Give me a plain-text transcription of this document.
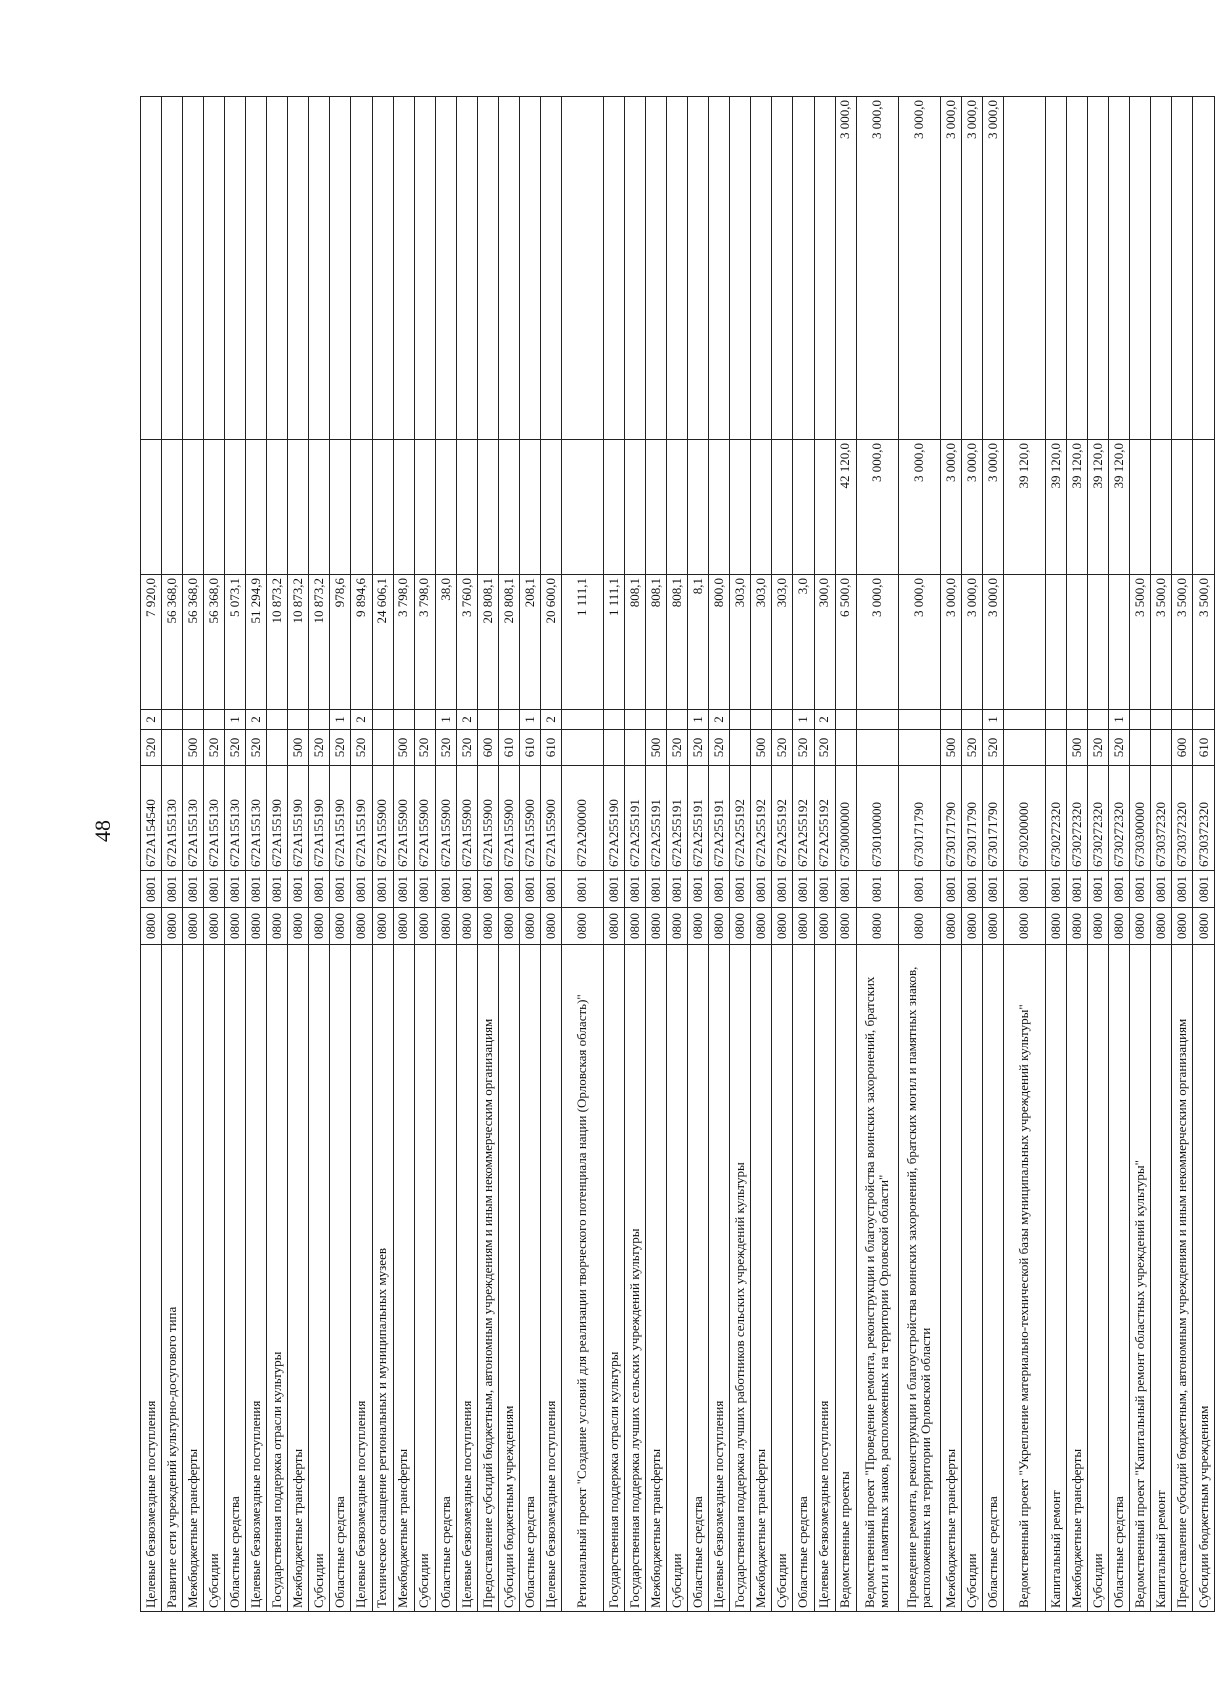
48
Целевые безвозмездные поступления	0800	0801	672A154540	520	2	7 920,0		
Развитие сети учреждений культурно-досугового типа	0800	0801	672A155130			56 368,0		
Межбюджетные трансферты	0800	0801	672A155130	500		56 368,0		
Субсидии	0800	0801	672A155130	520		56 368,0		
Областные средства	0800	0801	672A155130	520	1	5 073,1		
Целевые безвозмездные поступления	0800	0801	672A155130	520	2	51 294,9		
Государственная поддержка отрасли культуры	0800	0801	672A155190			10 873,2		
Межбюджетные трансферты	0800	0801	672A155190	500		10 873,2		
Субсидии	0800	0801	672A155190	520		10 873,2		
Областные средства	0800	0801	672A155190	520	1	978,6		
Целевые безвозмездные поступления	0800	0801	672A155190	520	2	9 894,6		
Техническое оснащение региональных и муниципальных музеев	0800	0801	672A155900			24 606,1		
Межбюджетные трансферты	0800	0801	672A155900	500		3 798,0		
Субсидии	0800	0801	672A155900	520		3 798,0		
Областные средства	0800	0801	672A155900	520	1	38,0		
Целевые безвозмездные поступления	0800	0801	672A155900	520	2	3 760,0		
Предоставление субсидий бюджетным, автономным учреждениям и иным некоммерческим организациям	0800	0801	672A155900	600		20 808,1		
Субсидии бюджетным учреждениям	0800	0801	672A155900	610		20 808,1		
Областные средства	0800	0801	672A155900	610	1	208,1		
Целевые безвозмездные поступления	0800	0801	672A155900	610	2	20 600,0		
Региональный проект "Создание условий для реализации творческого потенциала нации (Орловская область)"	0800	0801	672A200000			1 111,1		
Государственная поддержка отрасли культуры	0800	0801	672A255190			1 111,1		
Государственная поддержка лучших сельских учреждений культуры	0800	0801	672A255191			808,1		
Межбюджетные трансферты	0800	0801	672A255191	500		808,1		
Субсидии	0800	0801	672A255191	520		808,1		
Областные средства	0800	0801	672A255191	520	1	8,1		
Целевые безвозмездные поступления	0800	0801	672A255191	520	2	800,0		
Государственная поддержка лучших работников сельских учреждений культуры	0800	0801	672A255192			303,0		
Межбюджетные трансферты	0800	0801	672A255192	500		303,0		
Субсидии	0800	0801	672A255192	520		303,0		
Областные средства	0800	0801	672A255192	520	1	3,0		
Целевые безвозмездные поступления	0800	0801	672A255192	520	2	300,0		
Ведомственные проекты	0800	0801	6730000000			6 500,0	42 120,0	3 000,0
Ведомственный проект "Проведение ремонта, реконструкции и благоустройства воинских захоронений, братских могил и памятных знаков, расположенных на территории Орловской области"	0800	0801	6730100000			3 000,0	3 000,0	3 000,0
Проведение ремонта, реконструкции и благоустройства воинских захоронений, братских могил и памятных знаков, расположенных на территории Орловской области	0800	0801	6730171790			3 000,0	3 000,0	3 000,0
Межбюджетные трансферты	0800	0801	6730171790	500		3 000,0	3 000,0	3 000,0
Субсидии	0800	0801	6730171790	520		3 000,0	3 000,0	3 000,0
Областные средства	0800	0801	6730171790	520	1	3 000,0	3 000,0	3 000,0
Ведомственный проект "Укрепление материально-технической базы муниципальных учреждений культуры"	0800	0801	6730200000				39 120,0	
Капитальный ремонт	0800	0801	6730272320				39 120,0	
Межбюджетные трансферты	0800	0801	6730272320	500			39 120,0	
Субсидии	0800	0801	6730272320	520			39 120,0	
Областные средства	0800	0801	6730272320	520	1		39 120,0	
Ведомственный проект "Капитальный ремонт областных учреждений культуры"	0800	0801	6730300000			3 500,0		
Капитальный ремонт	0800	0801	6730372320			3 500,0		
Предоставление субсидий бюджетным, автономным учреждениям и иным некоммерческим организациям	0800	0801	6730372320	600		3 500,0		
Субсидии бюджетным учреждениям	0800	0801	6730372320	610		3 500,0		
